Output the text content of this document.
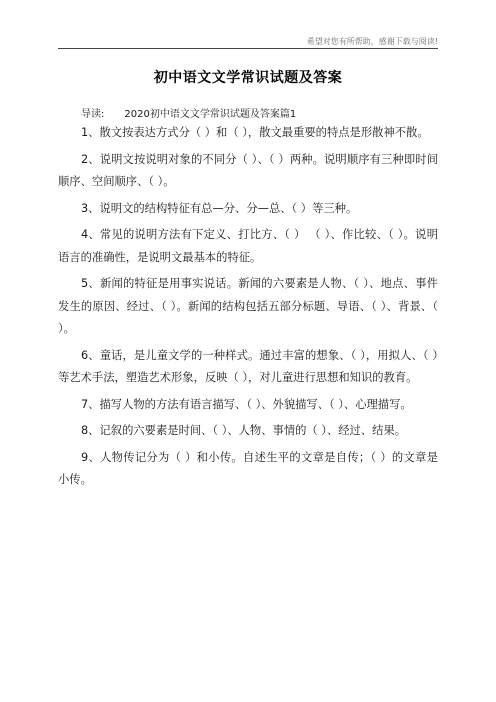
希望对您有所帮助，感谢下载与阅读!
初中语文文学常识试题及答案
导读: 2020初中语文文学常识试题及答案篇1

1、散文按表达方式分（ ）和（ ），散文最重要的特点是形散神不散。

2、说明文按说明对象的不同分（ ）、（ ）两种。说明顺序有三种即时间顺序、空间顺序、（ ）。

3、说明文的结构特征有总—分、分—总、（ ）等三种。

4、常见的说明方法有下定义、打比方、（ ） （ ）、作比较、（ ）。说明语言的准确性，是说明文最基本的特征。

5、新闻的特征是用事实说话。新闻的六要素是人物、（ ）、地点、事件发生的原因、经过、（ ）。新闻的结构包括五部分标题、导语、（ ）、背景、（ ）。

6、童话，是儿童文学的一种样式。通过丰富的想象、（ ），用拟人、（ ）等艺术手法，塑造艺术形象，反映（ ），对儿童进行思想和知识的教育。

7、描写人物的方法有语言描写、（ ）、外貌描写、（ ）、心理描写。

8、记叙的六要素是时间、（ ）、人物、事情的（ ）、经过、结果。

9、人物传记分为（ ）和小传。自述生平的文章是自传；（ ）的文章是小传。
